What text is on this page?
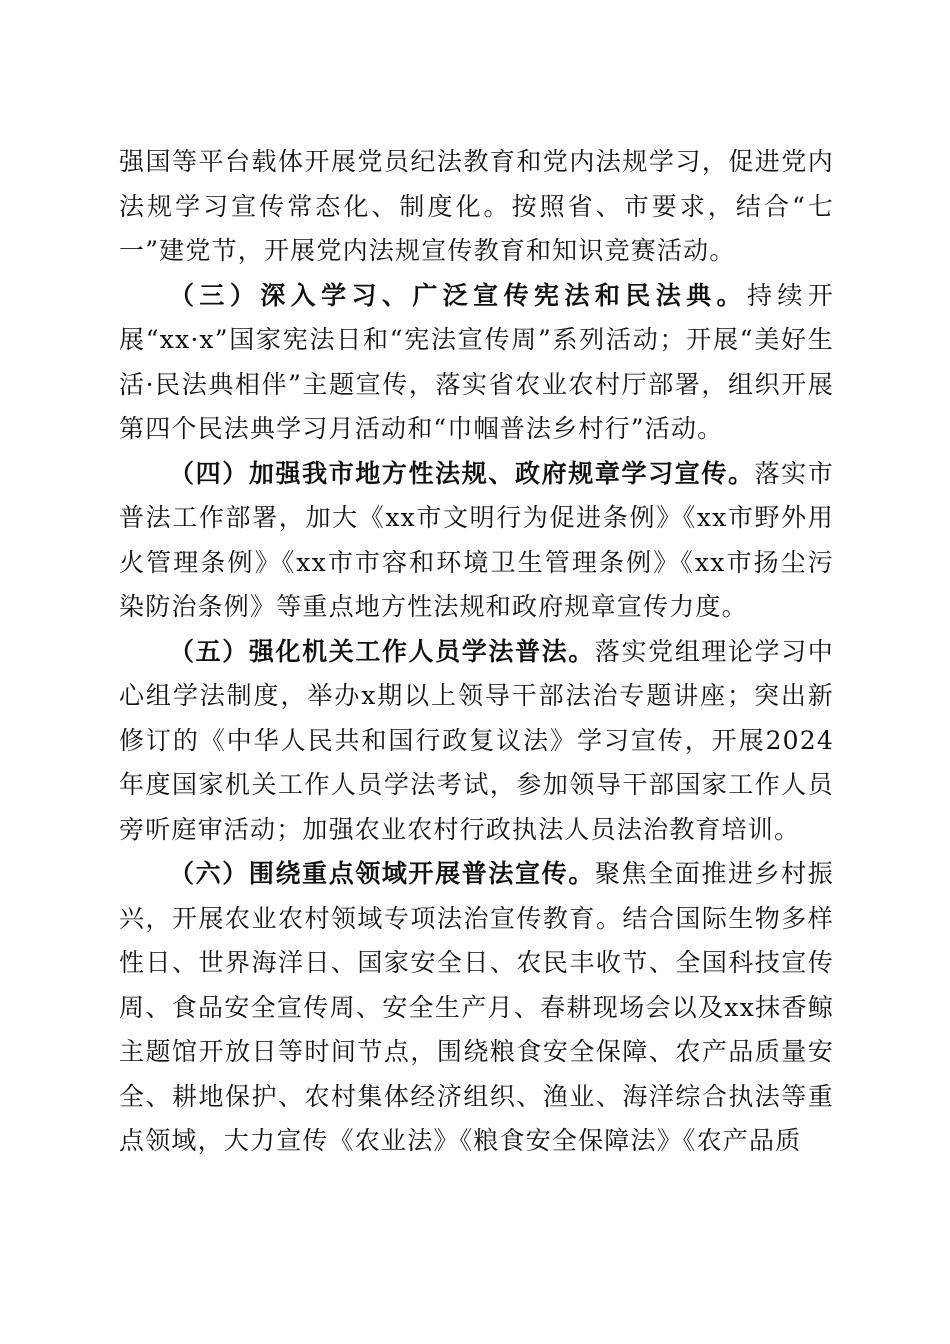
强国等平台载体开展党员纪法教育和党内法规学习，促进党内法规学习宣传常态化、制度化。按照省、市要求，结合“七一”建党节，开展党内法规宣传教育和知识竞赛活动。

（三）深入学习、广泛宣传宪法和民法典。持续开展“xx·x”国家宪法日和“宪法宣传周”系列活动；开展“美好生活·民法典相伴”主题宣传，落实省农业农村厅部署，组织开展第四个民法典学习月活动和“巾帼普法乡村行”活动。

（四）加强我市地方性法规、政府规章学习宣传。落实市普法工作部署，加大《xx市文明行为促进条例》《xx市野外用火管理条例》《xx市市容和环境卫生管理条例》《xx市扬尘污染防治条例》等重点地方性法规和政府规章宣传力度。

（五）强化机关工作人员学法普法。落实党组理论学习中心组学法制度，举办x期以上领导干部法治专题讲座；突出新修订的《中华人民共和国行政复议法》学习宣传，开展2024年度国家机关工作人员学法考试，参加领导干部国家工作人员旁听庭审活动；加强农业农村行政执法人员法治教育培训。

（六）围绕重点领域开展普法宣传。聚焦全面推进乡村振兴，开展农业农村领域专项法治宣传教育。结合国际生物多样性日、世界海洋日、国家安全日、农民丰收节、全国科技宣传周、食品安全宣传周、安全生产月、春耕现场会以及xx抹香鲸主题馆开放日等时间节点，围绕粮食安全保障、农产品质量安全、耕地保护、农村集体经济组织、渔业、海洋综合执法等重点领域，大力宣传《农业法》《粮食安全保障法》《农产品质
